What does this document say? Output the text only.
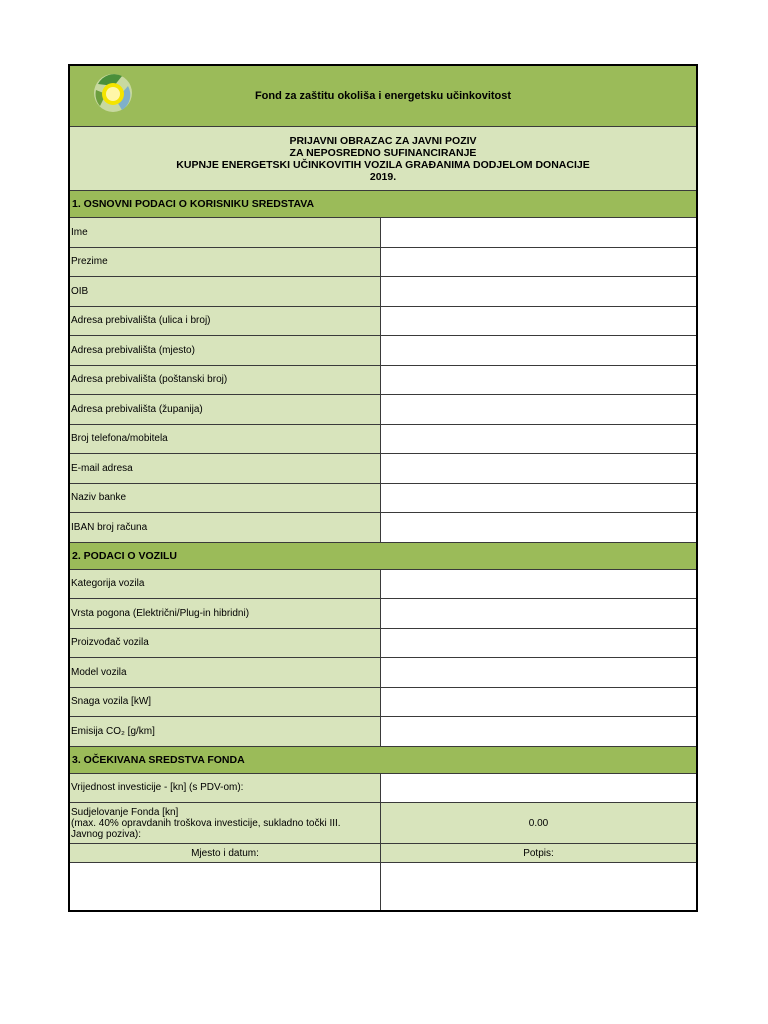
Fond za zaštitu okoliša i energetsku učinkovitost
PRIJAVNI OBRAZAC ZA JAVNI POZIV
ZA NEPOSREDNO SUFINANCIRANJE
KUPNJE ENERGETSKI UČINKOVITIH VOZILA GRAĐANIMA DODJELOM DONACIJE
2019.
1. OSNOVNI PODACI O KORISNIKU SREDSTAVA
Ime
Prezime
OIB
Adresa prebivališta (ulica i broj)
Adresa prebivališta (mjesto)
Adresa prebivališta (poštanski broj)
Adresa prebivališta (županija)
Broj telefona/mobitela
E-mail adresa
Naziv banke
IBAN broj računa
2. PODACI O VOZILU
Kategorija vozila
Vrsta pogona (Električni/Plug-in hibridni)
Proizvođač vozila
Model vozila
Snaga vozila [kW]
Emisija CO₂ [g/km]
3. OČEKIVANA SREDSTVA FONDA
Vrijednost investicije - [kn] (s PDV-om):
Sudjelovanje Fonda [kn]
(max. 40% opravdanih troškova investicije, sukladno točki III.
Javnog poziva):
0.00
Mjesto i datum:	Potpis:
